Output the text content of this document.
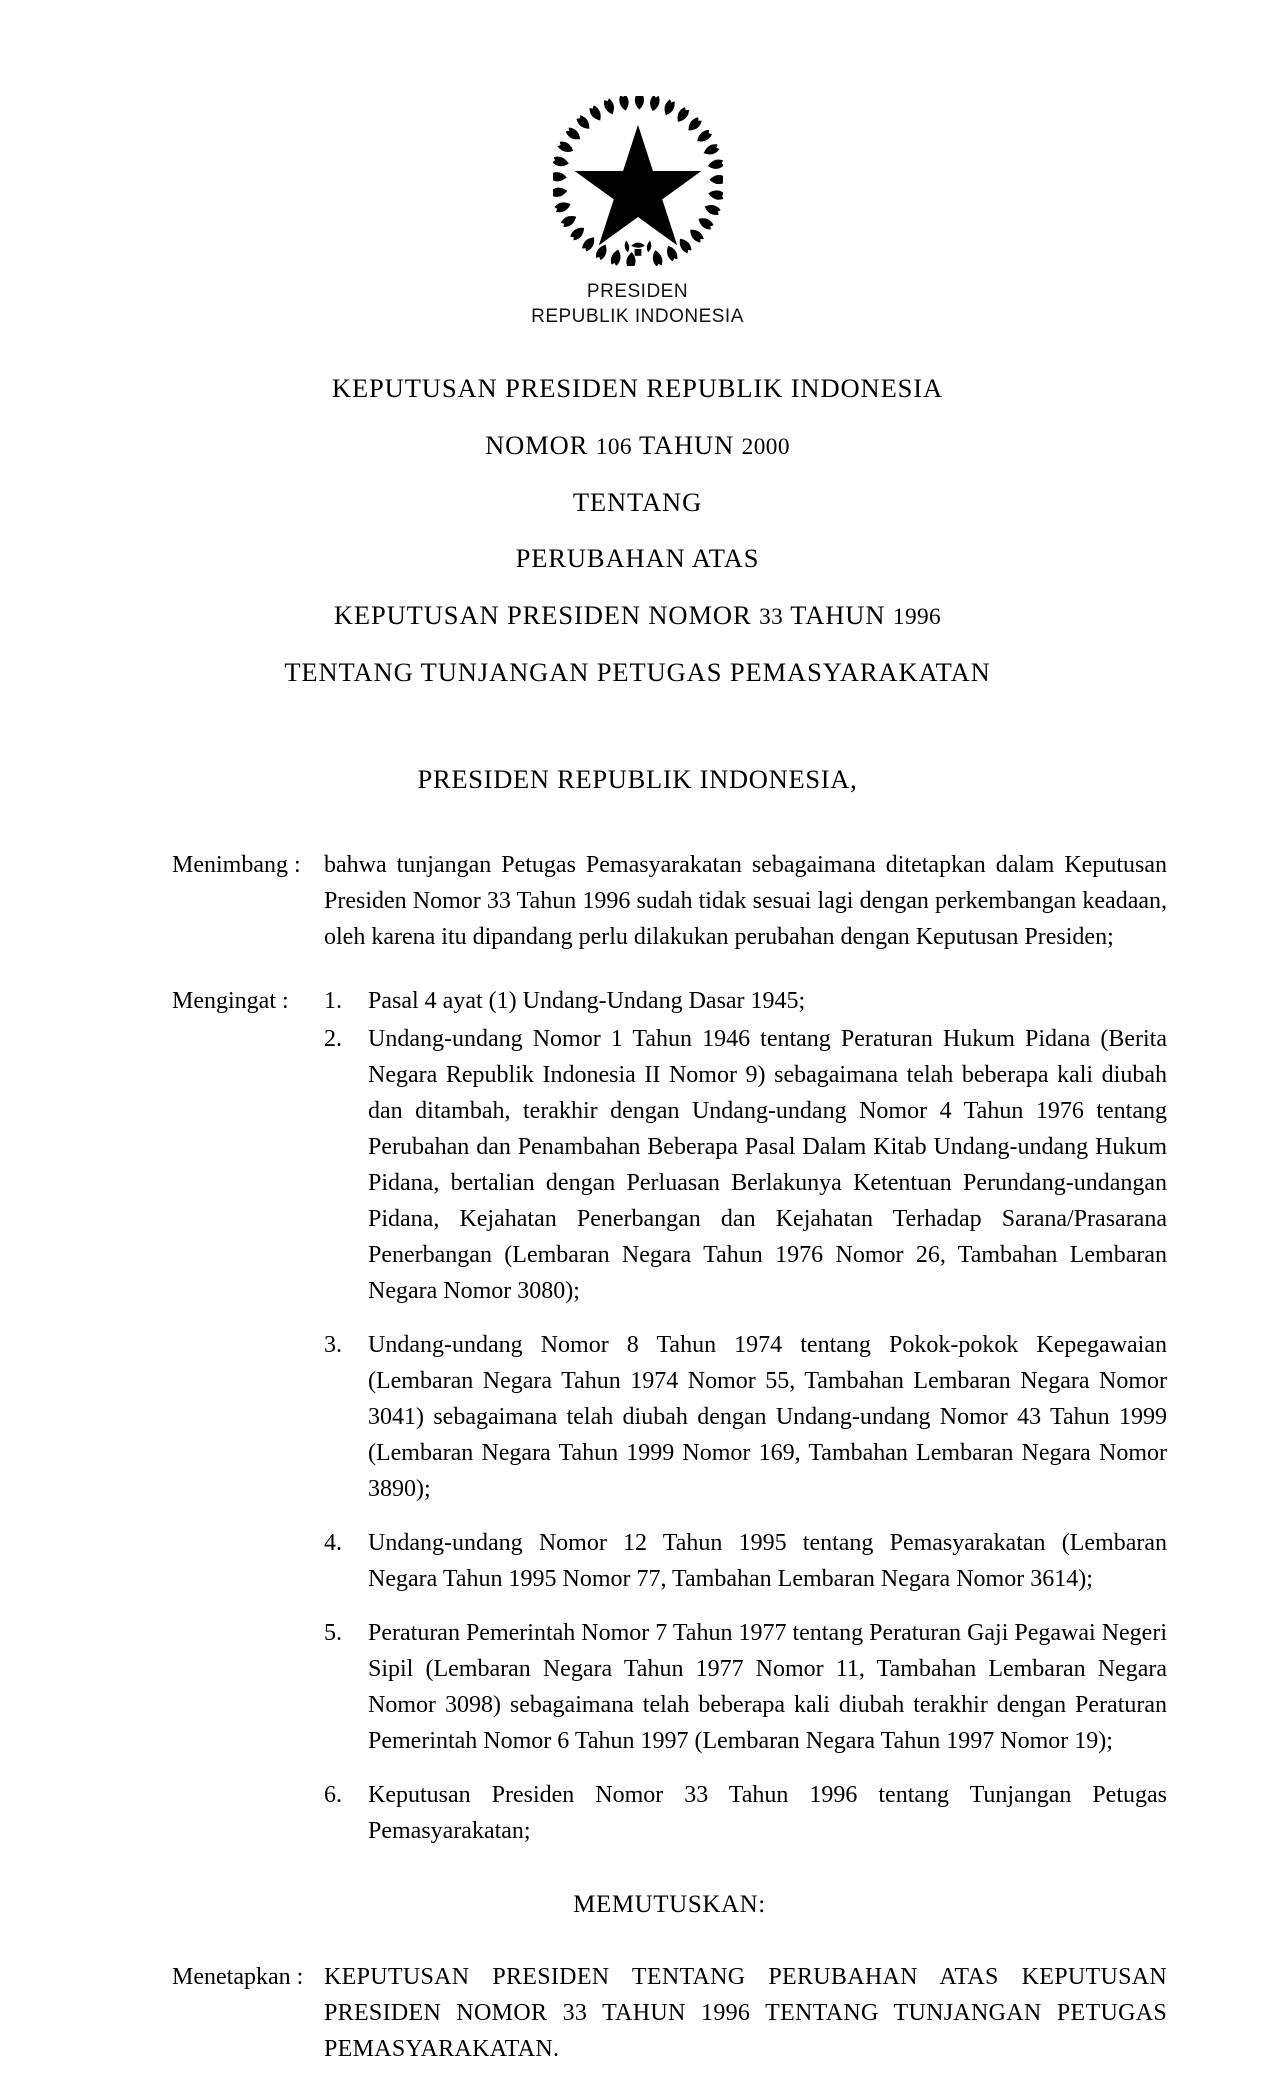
PRESIDEN
REPUBLIK INDONESIA
KEPUTUSAN PRESIDEN REPUBLIK INDONESIA
NOMOR 106 TAHUN 2000
TENTANG
PERUBAHAN ATAS
KEPUTUSAN PRESIDEN NOMOR 33 TAHUN 1996
TENTANG TUNJANGAN PETUGAS PEMASYARAKATAN
PRESIDEN REPUBLIK INDONESIA,
Menimbang : bahwa tunjangan Petugas Pemasyarakatan sebagaimana ditetapkan dalam Keputusan Presiden Nomor 33 Tahun 1996 sudah tidak sesuai lagi dengan perkembangan keadaan, oleh karena itu dipandang perlu dilakukan perubahan dengan Keputusan Presiden;
Mengingat :	1.	Pasal 4 ayat (1) Undang-Undang Dasar 1945;
2.	Undang-undang Nomor 1 Tahun 1946 tentang Peraturan Hukum Pidana (Berita Negara Republik Indonesia II Nomor 9) sebagaimana telah beberapa kali diubah dan ditambah, terakhir dengan Undang-undang Nomor 4 Tahun 1976 tentang Perubahan dan Penambahan Beberapa Pasal Dalam Kitab Undang-undang Hukum Pidana, bertalian dengan Perluasan Berlakunya Ketentuan Perundang-undangan Pidana, Kejahatan Penerbangan dan Kejahatan Terhadap Sarana/Prasarana Penerbangan (Lembaran Negara Tahun 1976 Nomor 26, Tambahan Lembaran Negara Nomor 3080);
3.	Undang-undang Nomor 8 Tahun 1974 tentang Pokok-pokok Kepegawaian (Lembaran Negara Tahun 1974 Nomor 55, Tambahan Lembaran Negara Nomor 3041) sebagaimana telah diubah dengan Undang-undang Nomor 43 Tahun 1999 (Lembaran Negara Tahun 1999 Nomor 169, Tambahan Lembaran Negara Nomor 3890);
4.	Undang-undang Nomor 12 Tahun 1995 tentang Pemasyarakatan (Lembaran Negara Tahun 1995 Nomor 77, Tambahan Lembaran Negara Nomor 3614);
5.	Peraturan Pemerintah Nomor 7 Tahun 1977 tentang Peraturan Gaji Pegawai Negeri Sipil (Lembaran Negara Tahun 1977 Nomor 11, Tambahan Lembaran Negara Nomor 3098) sebagaimana telah beberapa kali diubah terakhir dengan Peraturan Pemerintah Nomor 6 Tahun 1997 (Lembaran Negara Tahun 1997 Nomor 19);
6.	Keputusan Presiden Nomor 33 Tahun 1996 tentang Tunjangan Petugas Pemasyarakatan;
MEMUTUSKAN:
Menetapkan : KEPUTUSAN PRESIDEN TENTANG PERUBAHAN ATAS KEPUTUSAN PRESIDEN NOMOR 33 TAHUN 1996 TENTANG TUNJANGAN PETUGAS PEMASYARAKATAN.
